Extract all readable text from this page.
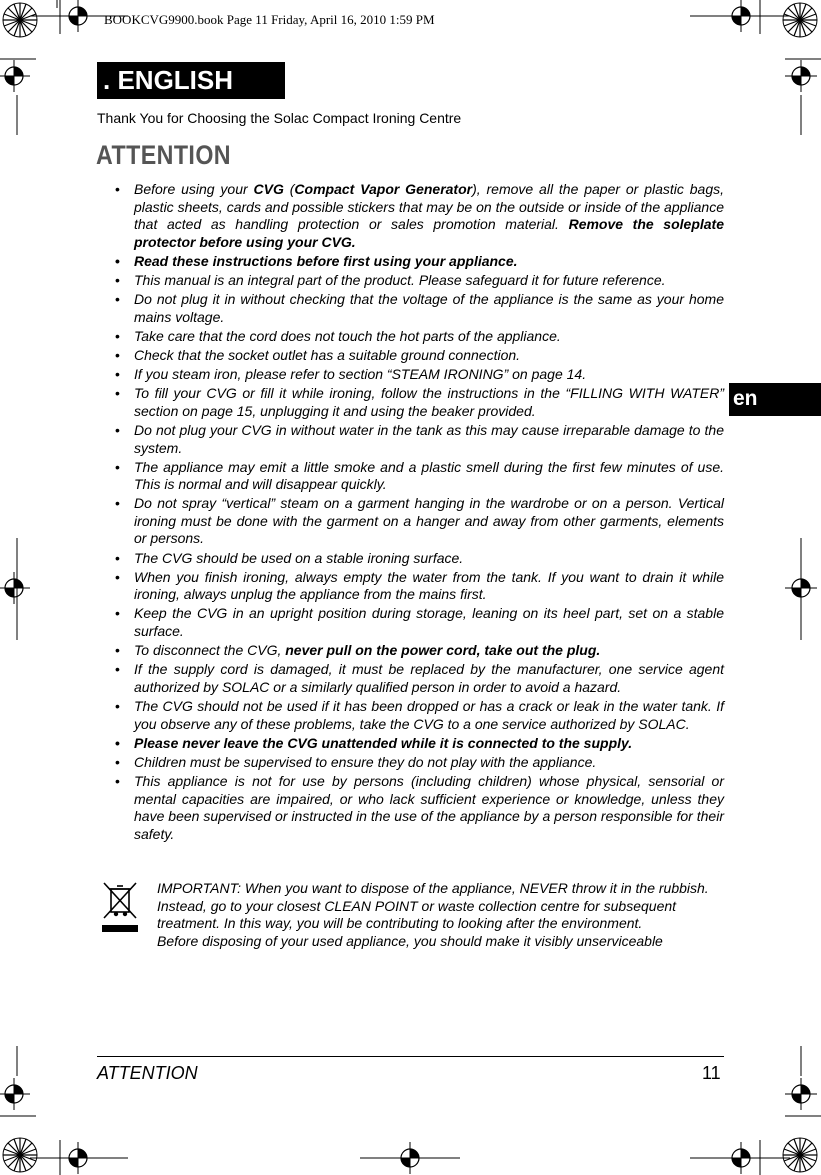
BOOKCVG9900.book Page 11 Friday, April 16, 2010 1:59 PM
. ENGLISH
Thank You for Choosing the Solac Compact Ironing Centre
ATTENTION
en
• Before using your CVG (Compact Vapor Generator), remove all the paper or plastic bags, plastic sheets, cards and possible stickers that may be on the outside or inside of the appliance that acted as handling protection or sales promotion material. Remove the soleplate protector before using your CVG.
• Read these instructions before first using your appliance.
• This manual is an integral part of the product. Please safeguard it for future reference.
• Do not plug it in without checking that the voltage of the appliance is the same as your home mains voltage.
• Take care that the cord does not touch the hot parts of the appliance.
• Check that the socket outlet has a suitable ground connection.
• If you steam iron, please refer to section “STEAM IRONING” on page 14.
• To fill your CVG or fill it while ironing, follow the instructions in the “FILLING WITH WATER” section on page 15, unplugging it and using the beaker provided.
• Do not plug your CVG in without water in the tank as this may cause irreparable damage to the system.
• The appliance may emit a little smoke and a plastic smell during the first few minutes of use. This is normal and will disappear quickly.
• Do not spray “vertical” steam on a garment hanging in the wardrobe or on a person. Vertical ironing must be done with the garment on a hanger and away from other garments, elements or persons.
• The CVG should be used on a stable ironing surface.
• When you finish ironing, always empty the water from the tank. If you want to drain it while ironing, always unplug the appliance from the mains first.
• Keep the CVG in an upright position during storage, leaning on its heel part, set on a stable surface.
• To disconnect the CVG, never pull on the power cord, take out the plug.
• If the supply cord is damaged, it must be replaced by the manufacturer, one service agent authorized by SOLAC or a similarly qualified person in order to avoid a hazard.
• The CVG should not be used if it has been dropped or has a crack or leak in the water tank. If you observe any of these problems, take the CVG to a one service authorized by SOLAC.
• Please never leave the CVG unattended while it is connected to the supply.
• Children must be supervised to ensure they do not play with the appliance.
• This appliance is not for use by persons (including children) whose physical, sensorial or mental capacities are impaired, or who lack sufficient experience or knowledge, unless they have been supervised or instructed in the use of the appliance by a person responsible for their safety.

IMPORTANT: When you want to dispose of the appliance, NEVER throw it in the rubbish. Instead, go to your closest CLEAN POINT or waste collection centre for subsequent treatment. In this way, you will be contributing to looking after the environment.

Before disposing of your used appliance, you should make it visibly unserviceable

ATTENTION	11
